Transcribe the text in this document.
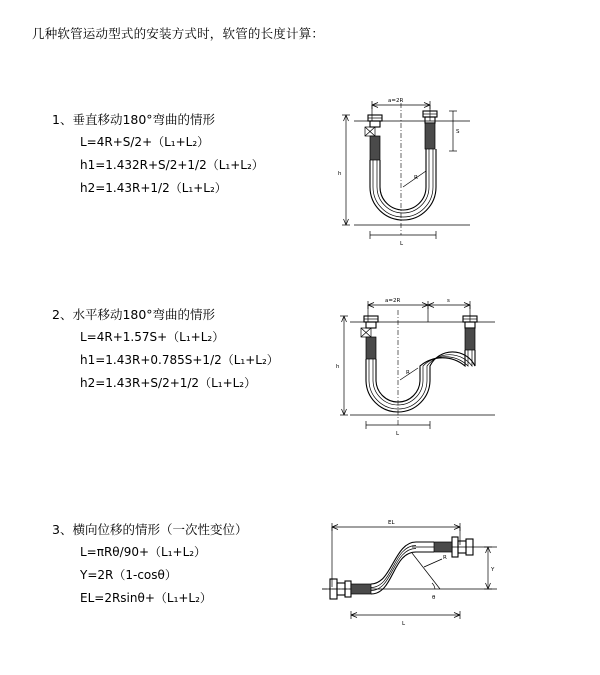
几种软管运动型式的安装方式时，软管的长度计算：
1、垂直移动180°弯曲的情形
L=4R+S/2+（L₁+L₂）
h1=1.432R+S/2+1/2（L₁+L₂）
h2=1.43R+1/2（L₁+L₂）
a=2R
S
h
R
L
2、水平移动180°弯曲的情形
L=4R+1.57S+（L₁+L₂）
h1=1.43R+0.785S+1/2（L₁+L₂）
h2=1.43R+S/2+1/2（L₁+L₂）
a=2R	s
h
R
L
3、横向位移的情形（一次性变位）
L=πRθ/90+（L₁+L₂）
Y=2R（1-cosθ）
EL=2Rsinθ+（L₁+L₂）
EL
Y
θ
R
L
